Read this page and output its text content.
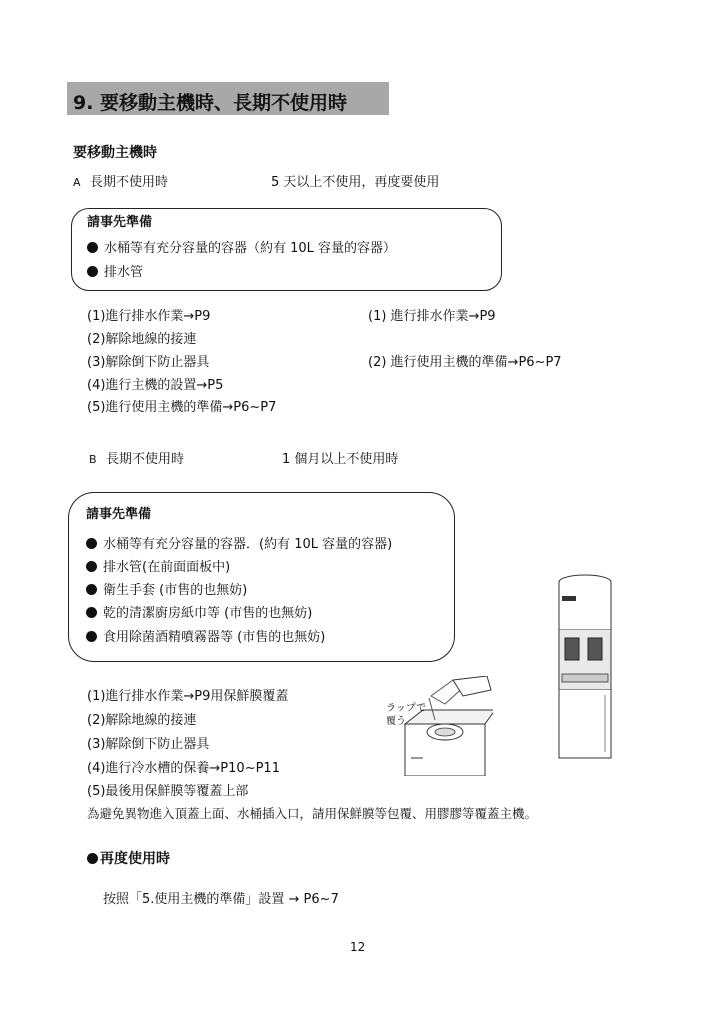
9. 要移動主機時、長期不使用時
要移動主機時
A 長期不使用時	5 天以上不使用，再度要使用
請事先準備
水桶等有充分容量的容器（約有 10L 容量的容器）
排水管
(1)進行排水作業→P9
(2)解除地線的接連
(3)解除倒下防止器具
(4)進行主機的設置→P5
(5)進行使用主機的準備→P6~P7
(1) 進行排水作業→P9
(2) 進行使用主機的準備→P6~P7
B 長期不使用時	1 個月以上不使用時
請事先準備
水桶等有充分容量的容器．(約有 10L 容量的容器)
排水管(在前面面板中)
衛生手套 (市售的也無妨)
乾的清潔廚房紙巾等 (市售的也無妨)
食用除菌酒精噴霧器等 (市售的也無妨)
(1)進行排水作業→P9用保鮮膜覆蓋
(2)解除地線的接連
(3)解除倒下防止器具
(4)進行冷水槽的保養→P10~P11
(5)最後用保鮮膜等覆蓋上部
為避免異物進入頂蓋上面、水桶插入口，請用保鮮膜等包覆、用膠膠等覆蓋主機。
ラップで
覆う
再度使用時
按照「5.使用主機的準備」設置 → P6~7
12
